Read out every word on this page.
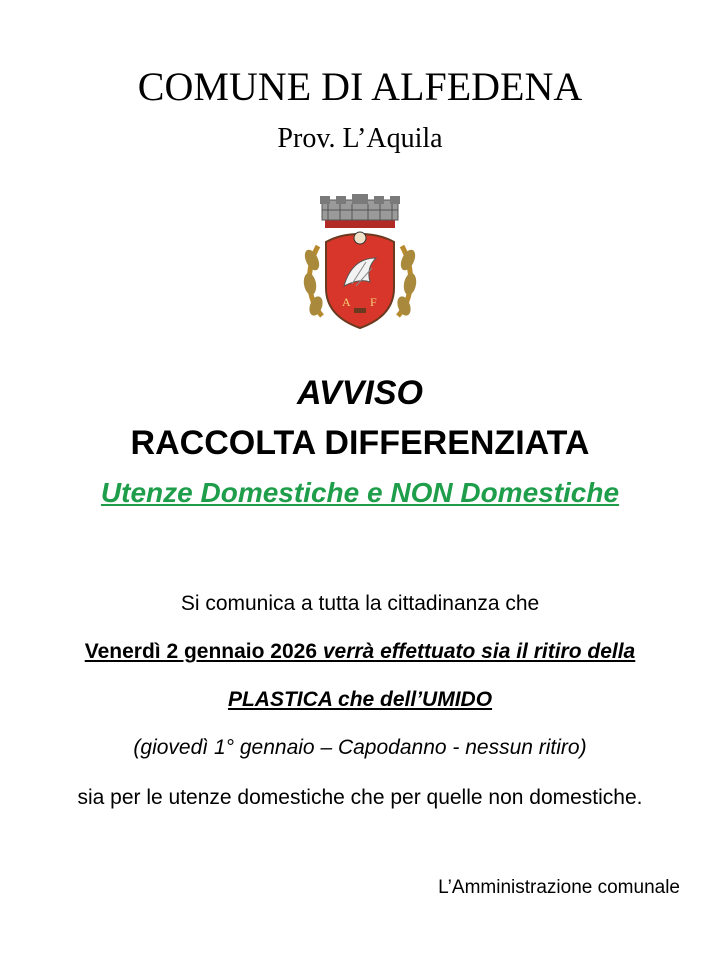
COMUNE DI ALFEDENA
Prov. L’Aquila
A F
AVVISO
RACCOLTA DIFFERENZIATA
Utenze Domestiche e NON Domestiche
Si comunica a tutta la cittadinanza che
Venerdì 2 gennaio 2026 verrà effettuato sia il ritiro della
PLASTICA che dell’UMIDO
(giovedì 1° gennaio – Capodanno - nessun ritiro)
sia per le utenze domestiche che per quelle non domestiche.
L’Amministrazione comunale
